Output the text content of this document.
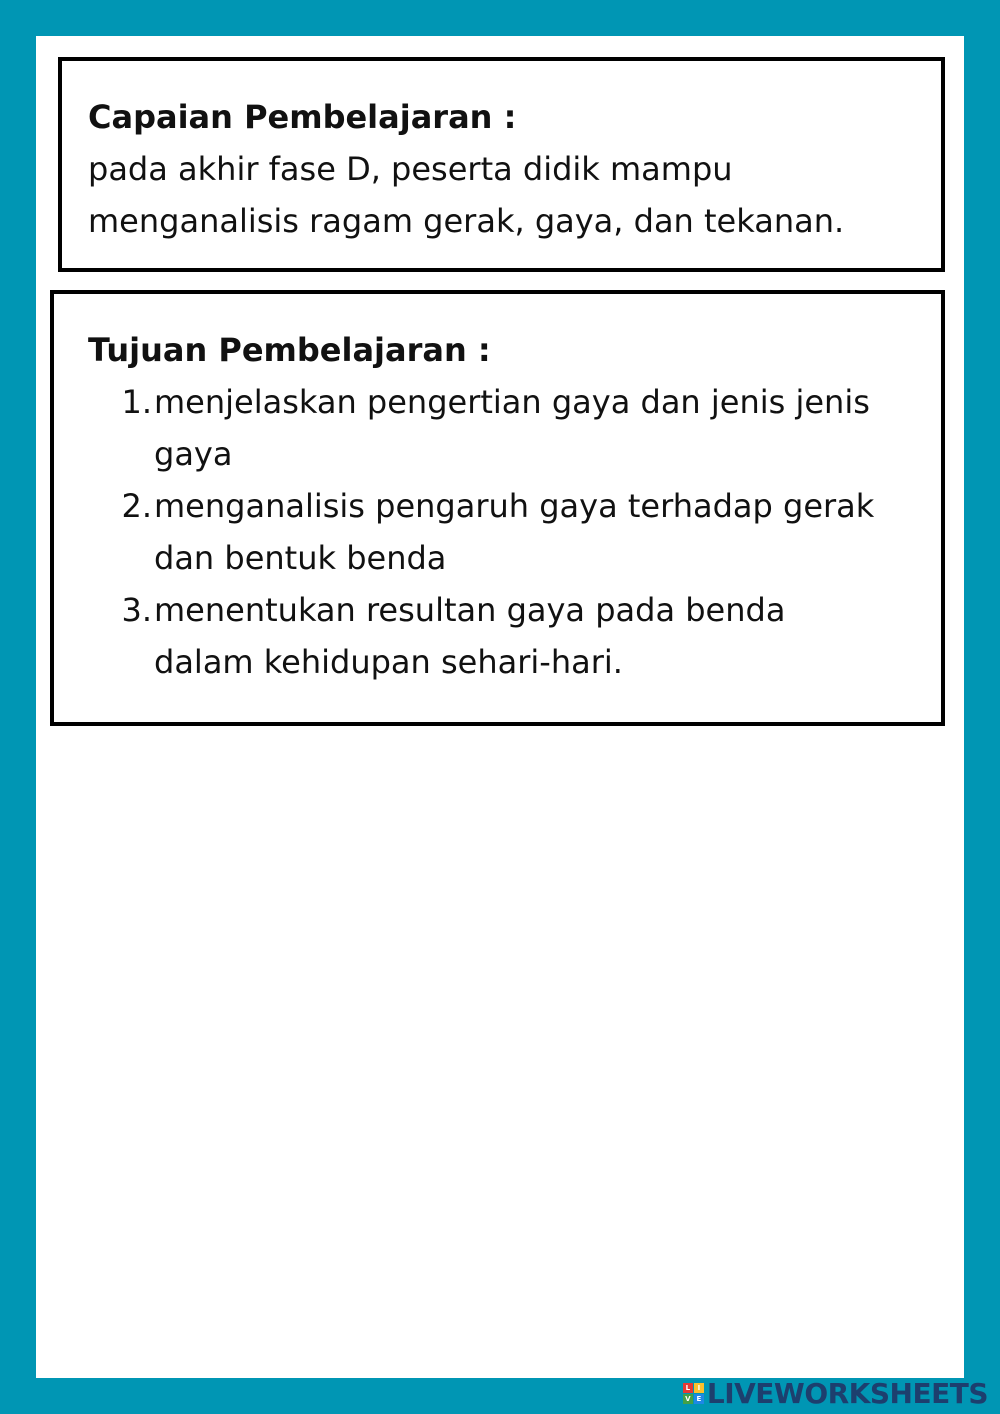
Capaian Pembelajaran :

pada akhir fase D, peserta didik mampu

menganalisis ragam gerak, gaya, dan tekanan.

Tujuan Pembelajaran :

1. menjelaskan pengertian gaya dan jenis jenis
gaya
2. menganalisis pengaruh gaya terhadap gerak
dan bentuk benda
3. menentukan resultan gaya pada benda
dalam kehidupan sehari-hari.
L	I
V E LIVEWORKSHEETS
